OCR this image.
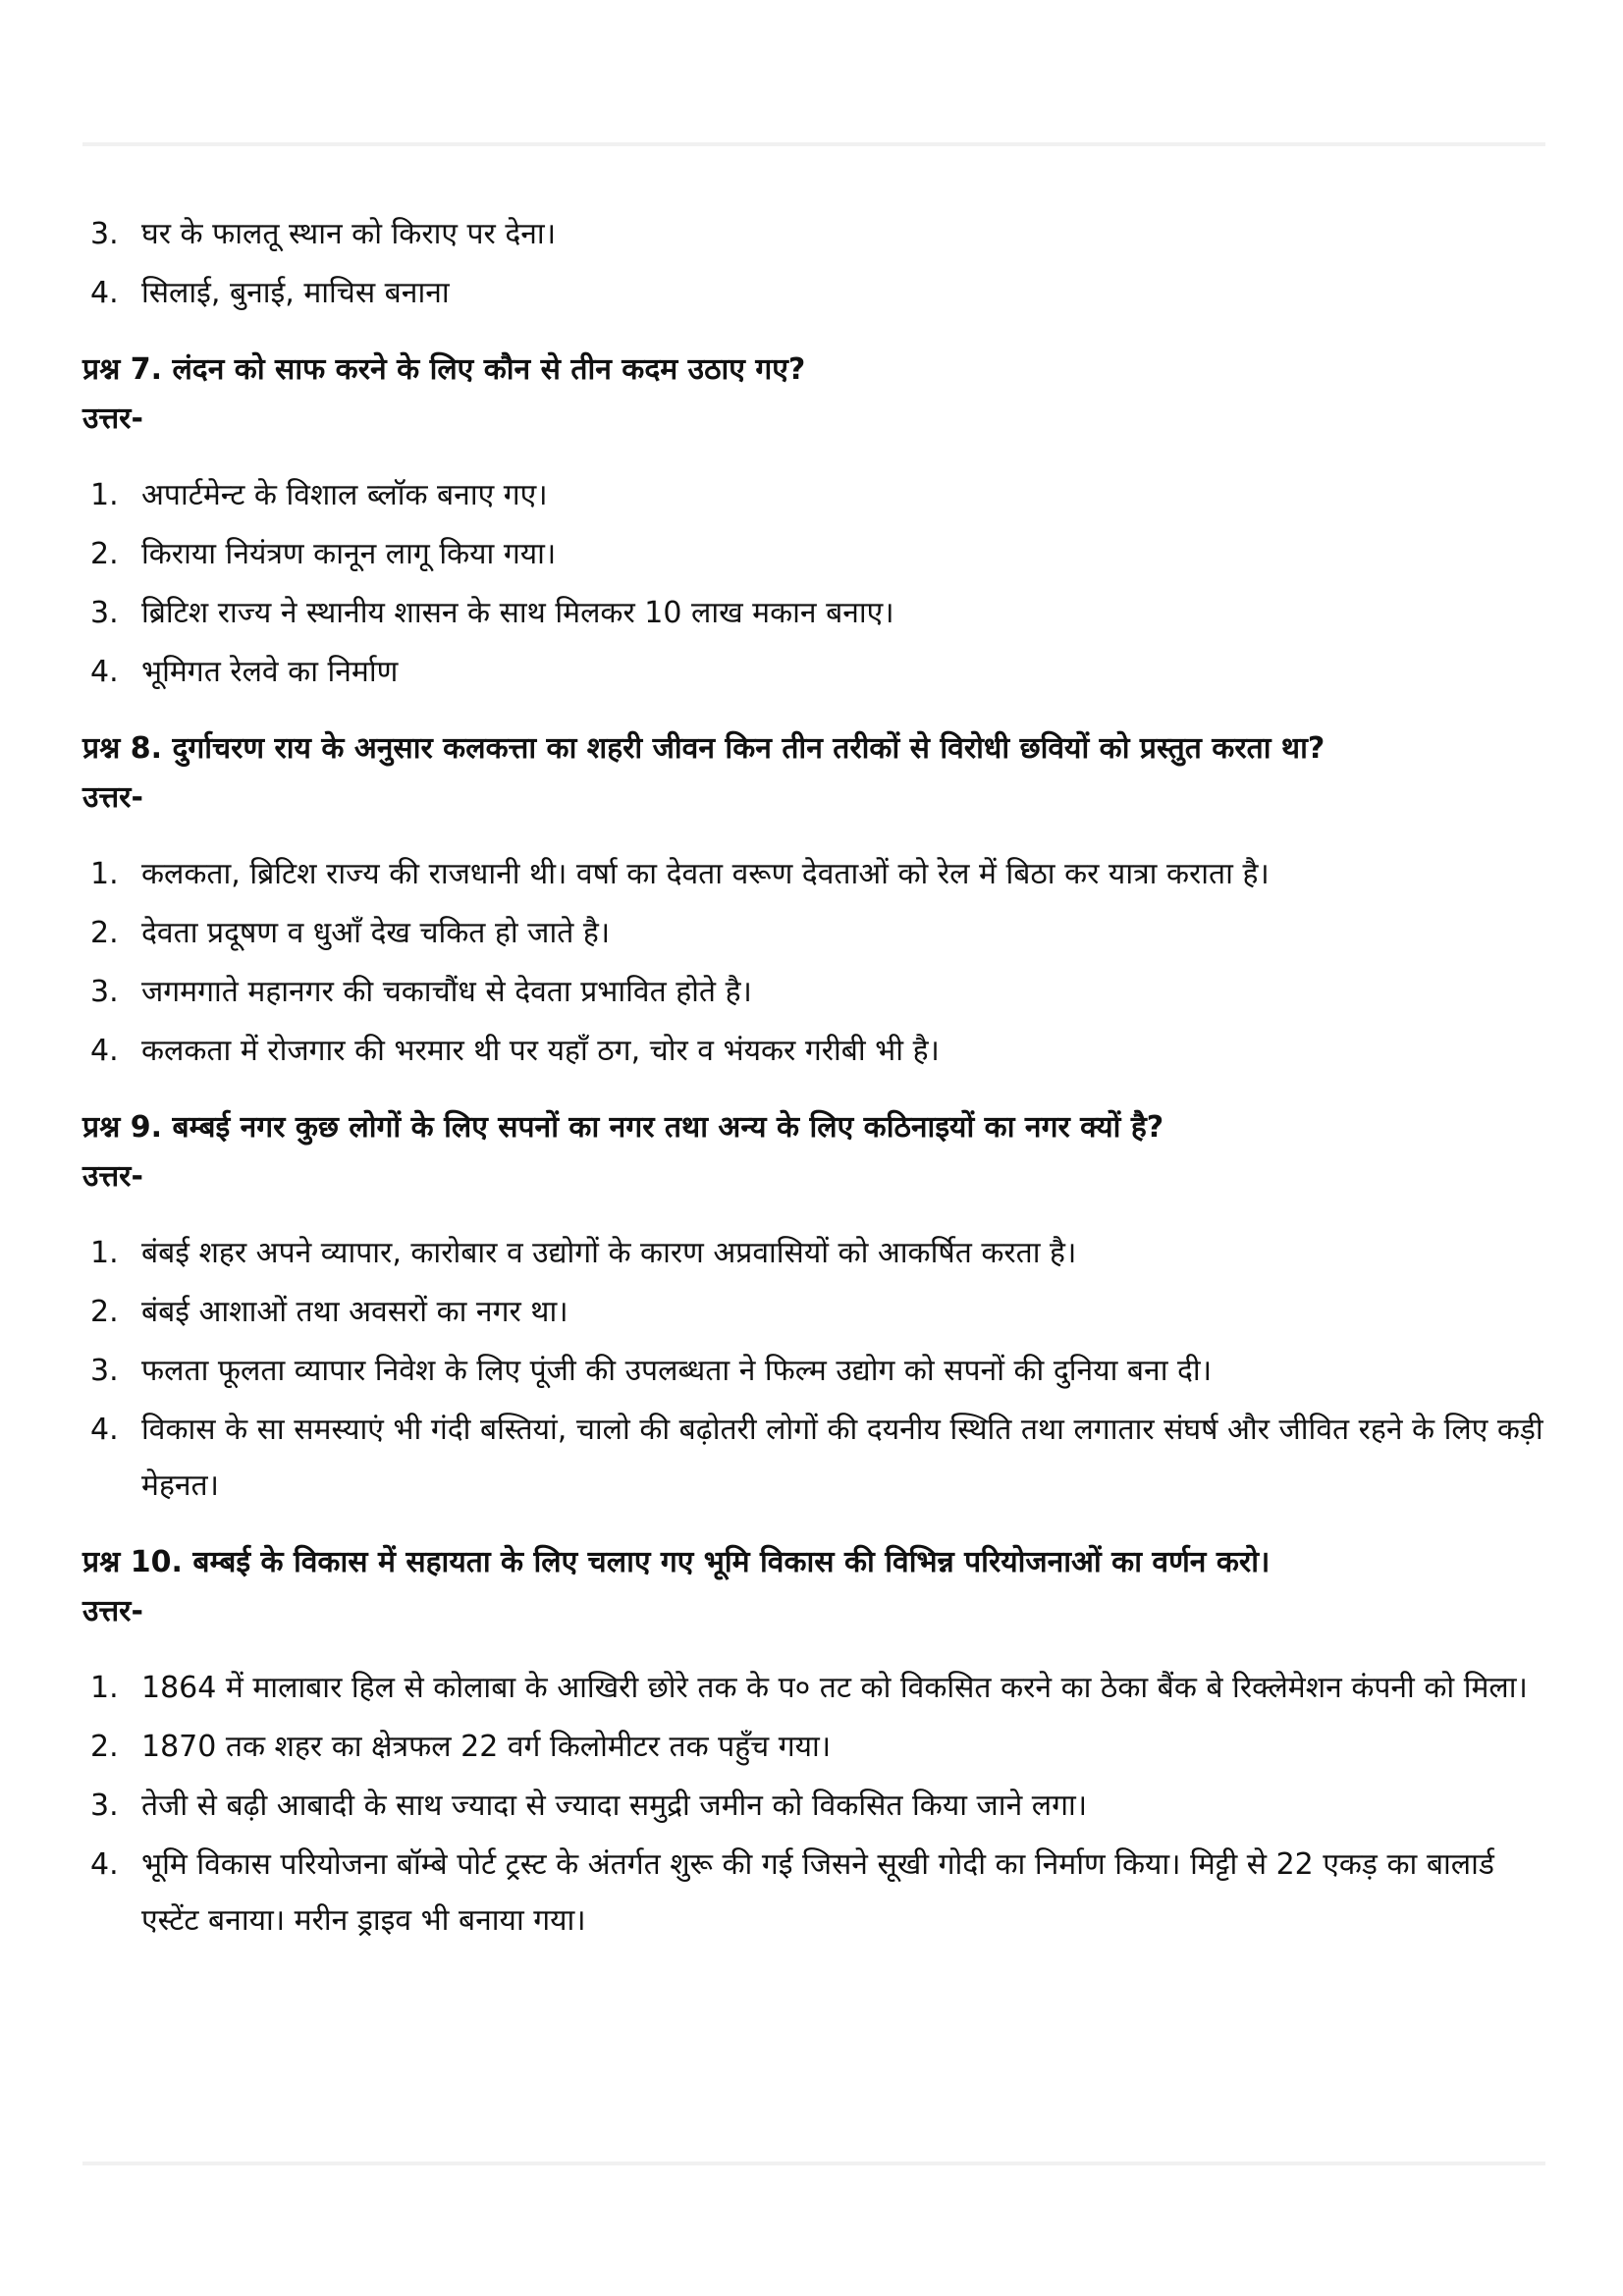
3. घर के फालतू स्थान को किराए पर देना।
4. सिलाई, बुनाई, माचिस बनाना

प्रश्न 7. लंदन को साफ करने के लिए कौन से तीन कदम उठाए गए?

उत्तर-

1. अपार्टमेन्ट के विशाल ब्लॉक बनाए गए।
2. किराया नियंत्रण कानून लागू किया गया।
3. ब्रिटिश राज्य ने स्थानीय शासन के साथ मिलकर 10 लाख मकान बनाए।
4. भूमिगत रेलवे का निर्माण

प्रश्न 8. दुर्गाचरण राय के अनुसार कलकत्ता का शहरी जीवन किन तीन तरीकों से विरोधी छवियों को प्रस्तुत करता था?

उत्तर-

1. कलकता, ब्रिटिश राज्य की राजधानी थी। वर्षा का देवता वरूण देवताओं को रेल में बिठा कर यात्रा कराता है।
2. देवता प्रदूषण व धुआँ देख चकित हो जाते है।
3. जगमगाते महानगर की चकाचौंध से देवता प्रभावित होते है।
4. कलकता में रोजगार की भरमार थी पर यहाँ ठग, चोर व भंयकर गरीबी भी है।

प्रश्न 9. बम्बई नगर कुछ लोगों के लिए सपनों का नगर तथा अन्य के लिए कठिनाइयों का नगर क्यों है?

उत्तर-

1. बंबई शहर अपने व्यापार, कारोबार व उद्योगों के कारण अप्रवासियों को आकर्षित करता है।
2. बंबई आशाओं तथा अवसरों का नगर था।
3. फलता फूलता व्यापार निवेश के लिए पूंजी की उपलब्धता ने फिल्म उद्योग को सपनों की दुनिया बना दी।
4. विकास के सा समस्याएं भी गंदी बस्तियां, चालो की बढ़ोतरी लोगों की दयनीय स्थिति तथा लगातार संघर्ष और जीवित रहने के लिए कड़ी मेहनत।

प्रश्न 10. बम्बई के विकास में सहायता के लिए चलाए गए भूमि विकास की विभिन्न परियोजनाओं का वर्णन करो।

उत्तर-

1. 1864 में मालाबार हिल से कोलाबा के आखिरी छोरे तक के प० तट को विकसित करने का ठेका बैंक बे रिक्लेमेशन कंपनी को मिला।
2. 1870 तक शहर का क्षेत्रफल 22 वर्ग किलोमीटर तक पहुँच गया।
3. तेजी से बढ़ी आबादी के साथ ज्यादा से ज्यादा समुद्री जमीन को विकसित किया जाने लगा।
4. भूमि विकास परियोजना बॉम्बे पोर्ट ट्रस्ट के अंतर्गत शुरू की गई जिसने सूखी गोदी का निर्माण किया। मिट्टी से 22 एकड़ का बालार्ड एस्टेंट बनाया। मरीन ड्राइव भी बनाया गया।
